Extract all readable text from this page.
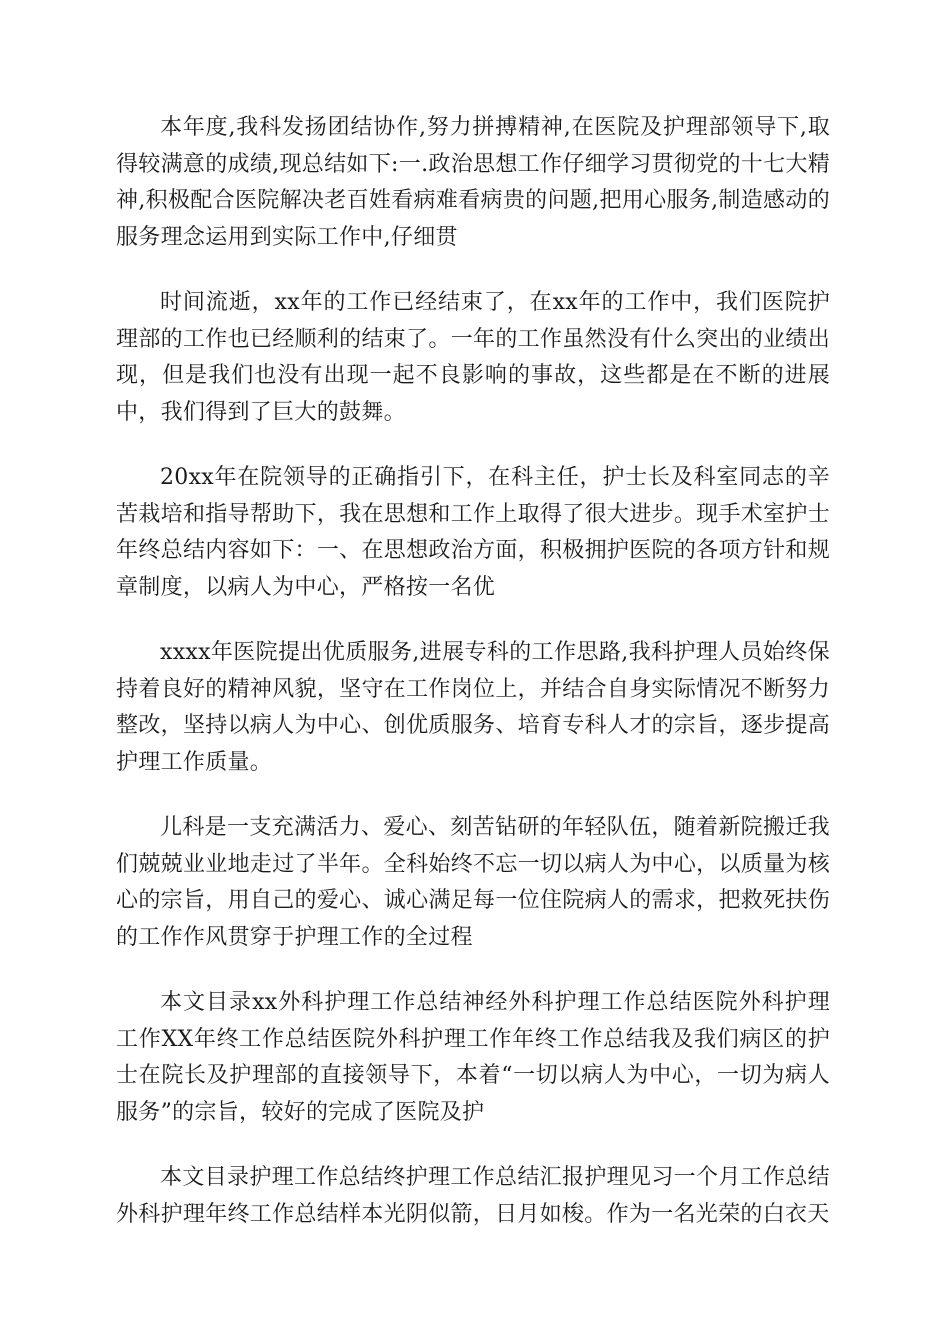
本年度,我科发扬团结协作,努力拼搏精神,在医院及护理部领导下,取得较满意的成绩,现总结如下:一.政治思想工作仔细学习贯彻党的十七大精神,积极配合医院解决老百姓看病难看病贵的问题,把用心服务,制造感动的服务理念运用到实际工作中,仔细贯

时间流逝，xx年的工作已经结束了，在xx年的工作中，我们医院护理部的工作也已经顺利的结束了。一年的工作虽然没有什么突出的业绩出现，但是我们也没有出现一起不良影响的事故，这些都是在不断的进展中，我们得到了巨大的鼓舞。

20xx年在院领导的正确指引下，在科主任，护士长及科室同志的辛苦栽培和指导帮助下，我在思想和工作上取得了很大进步。现手术室护士年终总结内容如下：一、在思想政治方面，积极拥护医院的各项方针和规章制度，以病人为中心，严格按一名优

xxxx年医院提出优质服务,进展专科的工作思路,我科护理人员始终保持着良好的精神风貌，坚守在工作岗位上，并结合自身实际情况不断努力整改，坚持以病人为中心、创优质服务、培育专科人才的宗旨，逐步提高护理工作质量。

儿科是一支充满活力、爱心、刻苦钻研的年轻队伍，随着新院搬迁我们兢兢业业地走过了半年。全科始终不忘一切以病人为中心，以质量为核心的宗旨，用自己的爱心、诚心满足每一位住院病人的需求，把救死扶伤的工作作风贯穿于护理工作的全过程

本文目录xx外科护理工作总结神经外科护理工作总结医院外科护理工作XX年终工作总结医院外科护理工作年终工作总结我及我们病区的护士在院长及护理部的直接领导下，本着“一切以病人为中心，一切为病人服务”的宗旨，较好的完成了医院及护

本文目录护理工作总结终护理工作总结汇报护理见习一个月工作总结外科护理年终工作总结样本光阴似箭，日月如梭。作为一名光荣的白衣天
